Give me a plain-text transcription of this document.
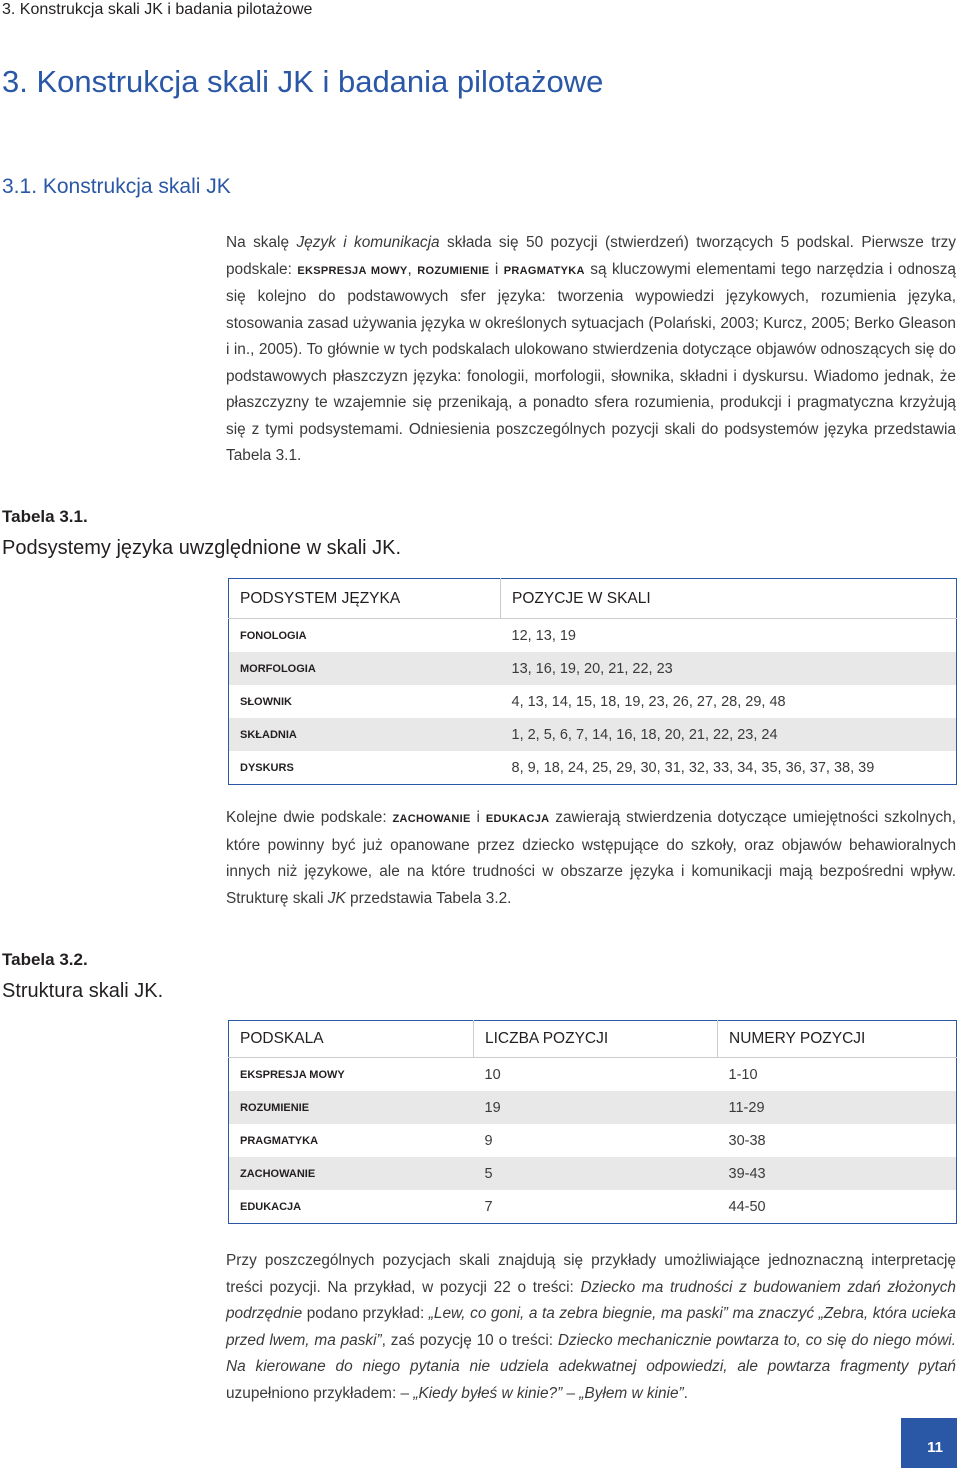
3. Konstrukcja skali JK i badania pilotażowe
3. Konstrukcja skali JK i badania pilotażowe
3.1. Konstrukcja skali JK

Na skalę Język i komunikacja składa się 50 pozycji (stwierdzeń) tworzących 5 podskal. Pierwsze trzy podskale: EKSPRESJA MOWY, ROZUMIENIE i PRAGMATYKA są kluczowymi elementami tego narzędzia i odnoszą się kolejno do podstawowych sfer języka: tworzenia wypowiedzi językowych, rozumienia języka, stosowania zasad używania języka w określonych sytuacjach (Polański, 2003; Kurcz, 2005; Berko Gleason i in., 2005). To głównie w tych podskalach ulokowano stwierdzenia dotyczące objawów odnoszących się do podstawowych płaszczyzn języka: fonologii, morfologii, słownika, składni i dyskursu. Wiadomo jednak, że płaszczyzny te wzajemnie się przenikają, a ponadto sfera rozumienia, produkcji i pragmatyczna krzyżują się z tymi podsystemami. Odniesienia poszczególnych pozycji skali do podsystemów języka przedstawia Tabela 3.1.

Tabela 3.1.
Podsystemy języka uwzględnione w skali JK.
PODSYSTEM JĘZYKA	POZYCJE W SKALI
FONOLOGIA	12, 13, 19
MORFOLOGIA	13, 16, 19, 20, 21, 22, 23
SŁOWNIK	4, 13, 14, 15, 18, 19, 23, 26, 27, 28, 29, 48
SKŁADNIA	1, 2, 5, 6, 7, 14, 16, 18, 20, 21, 22, 23, 24
DYSKURS	8, 9, 18, 24, 25, 29, 30, 31, 32, 33, 34, 35, 36, 37, 38, 39

Kolejne dwie podskale: ZACHOWANIE i EDUKACJA zawierają stwierdzenia dotyczące umiejętności szkolnych, które powinny być już opanowane przez dziecko wstępujące do szkoły, oraz objawów behawioralnych innych niż językowe, ale na które trudności w obszarze języka i komunikacji mają bezpośredni wpływ. Strukturę skali JK przedstawia Tabela 3.2.

Tabela 3.2.
Struktura skali JK.
PODSKALA	LICZBA POZYCJI	NUMERY POZYCJI
EKSPRESJA MOWY	10	1-10
ROZUMIENIE	19	11-29
PRAGMATYKA	9	30-38
ZACHOWANIE	5	39-43
EDUKACJA	7	44-50

Przy poszczególnych pozycjach skali znajdują się przykłady umożliwiające jednoznaczną interpretację treści pozycji. Na przykład, w pozycji 22 o treści: Dziecko ma trudności z budowaniem zdań złożonych podrzędnie podano przykład: „Lew, co goni, a ta zebra biegnie, ma paski” ma znaczyć „Zebra, która ucieka przed lwem, ma paski”, zaś pozycję 10 o treści: Dziecko mechanicznie powtarza to, co się do niego mówi. Na kierowane do niego pytania nie udziela adekwatnej odpowiedzi, ale powtarza fragmenty pytań uzupełniono przykładem: – „Kiedy byłeś w kinie?” – „Byłem w kinie”.

11
